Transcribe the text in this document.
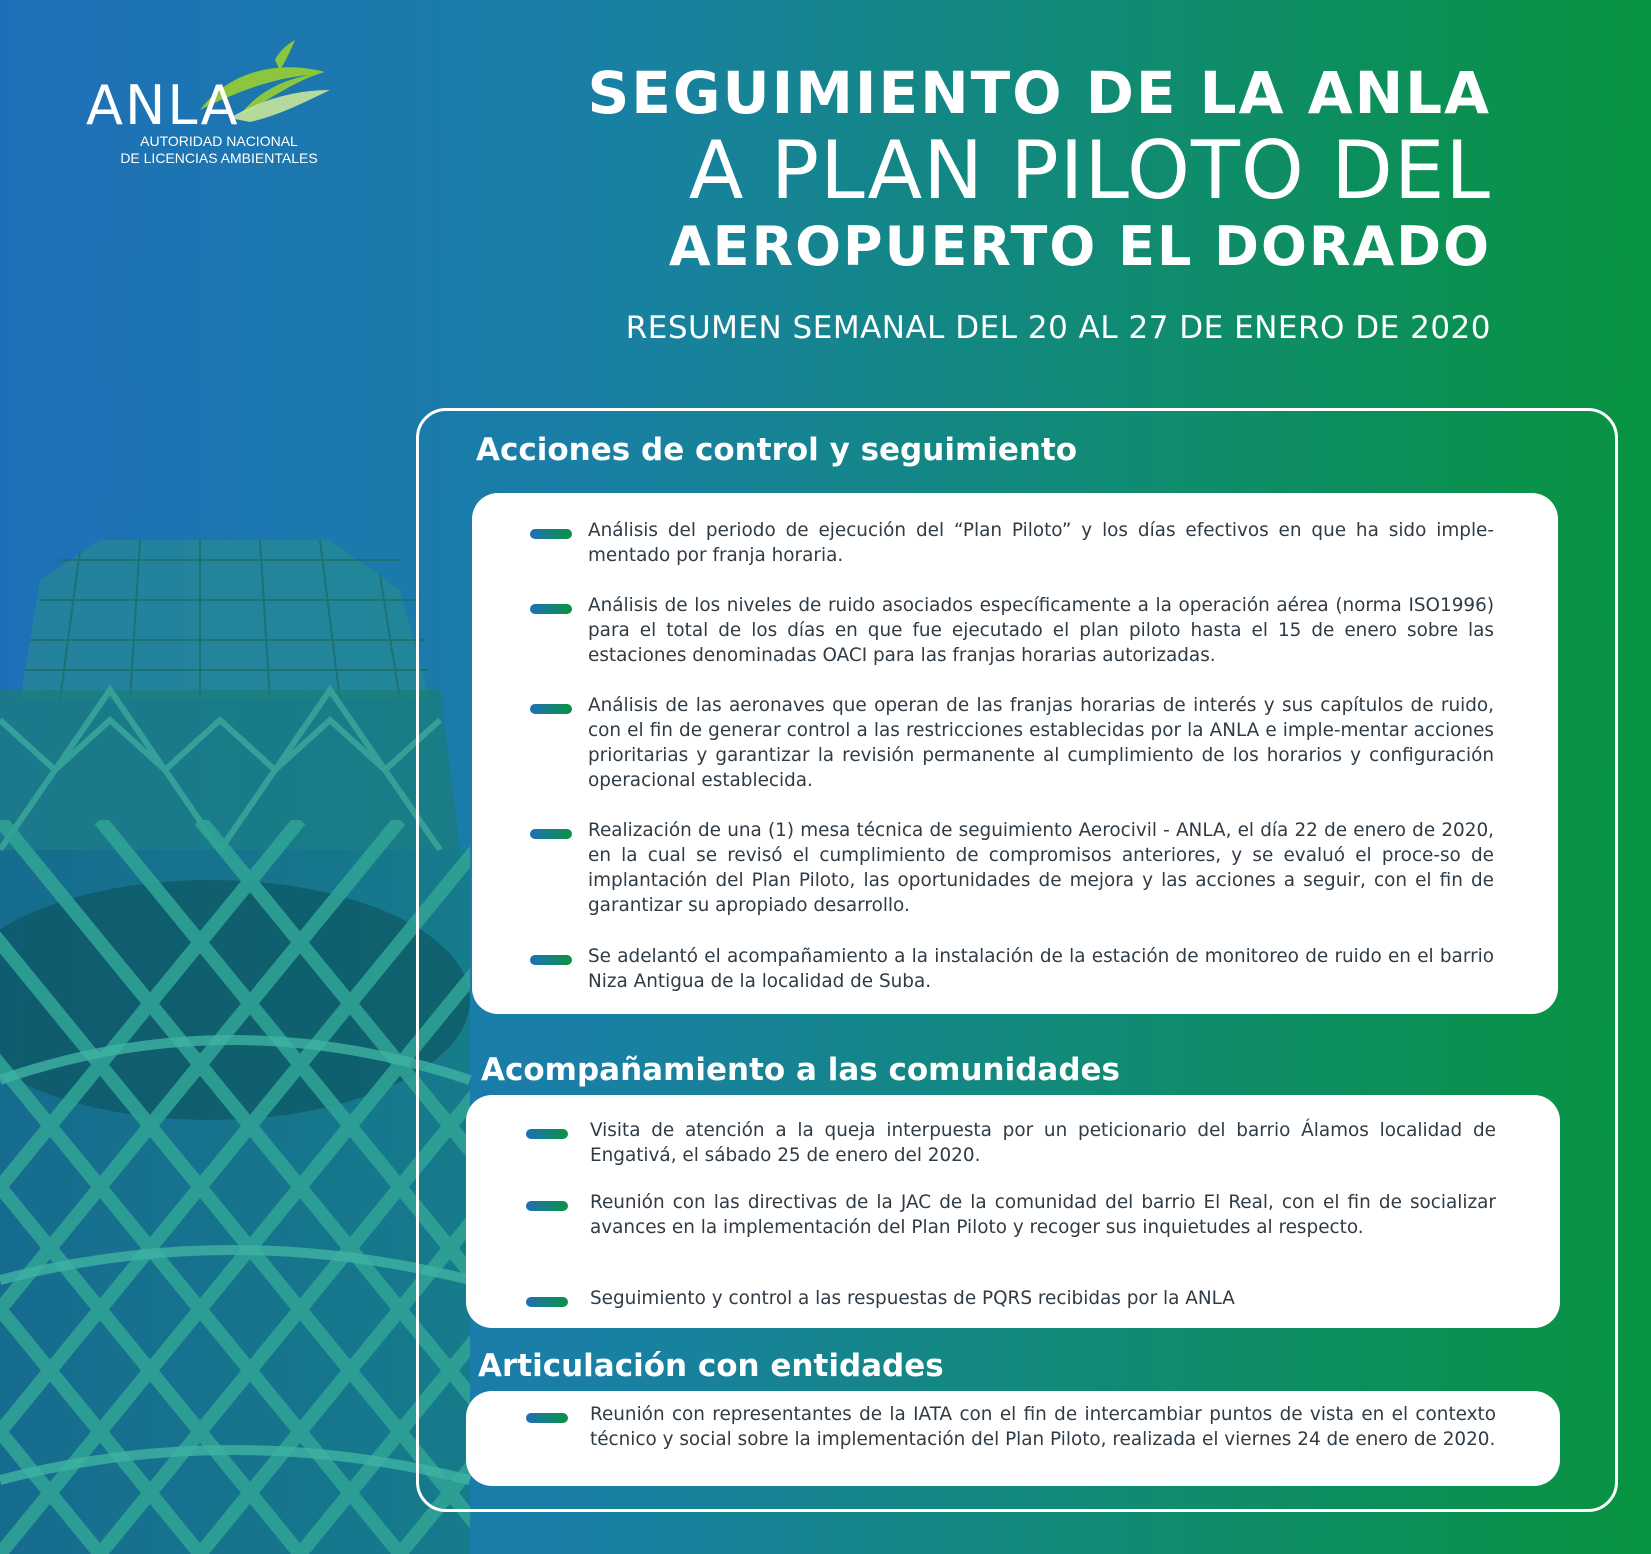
ANLA
AUTORIDAD NACIONAL
DE LICENCIAS AMBIENTALES
SEGUIMIENTO DE LA ANLA
A PLAN PILOTO DEL
AEROPUERTO EL DORADO
RESUMEN SEMANAL DEL 20 AL 27 DE ENERO DE 2020
Acciones de control y seguimiento
Análisis del periodo de ejecución del “Plan Piloto” y los días efectivos en que ha sido imple-mentado por franja horaria.
Análisis de los niveles de ruido asociados específicamente a la operación aérea (norma ISO1996) para el total de los días en que fue ejecutado el plan piloto hasta el 15 de enero sobre las estaciones denominadas OACI para las franjas horarias autorizadas.
Análisis de las aeronaves que operan de las franjas horarias de interés y sus capítulos de ruido, con el fin de generar control a las restricciones establecidas por la ANLA e imple-mentar acciones prioritarias y garantizar la revisión permanente al cumplimiento de los horarios y configuración operacional establecida.
Realización de una (1) mesa técnica de seguimiento Aerocivil - ANLA, el día 22 de enero de 2020, en la cual se revisó el cumplimiento de compromisos anteriores, y se evaluó el proce-so de implantación del Plan Piloto, las oportunidades de mejora y las acciones a seguir, con el fin de garantizar su apropiado desarrollo.
Se adelantó el acompañamiento a la instalación de la estación de monitoreo de ruido en el barrio Niza Antigua de la localidad de Suba.
Acompañamiento a las comunidades
Visita de atención a la queja interpuesta por un peticionario del barrio Álamos localidad de Engativá, el sábado 25 de enero del 2020.
Reunión con las directivas de la JAC de la comunidad del barrio El Real, con el fin de socializar avances en la implementación del Plan Piloto y recoger sus inquietudes al respecto.
Seguimiento y control a las respuestas de PQRS recibidas por la ANLA
Articulación con entidades
Reunión con representantes de la IATA con el fin de intercambiar puntos de vista en el contexto técnico y social sobre la implementación del Plan Piloto, realizada el viernes 24 de enero de 2020.
